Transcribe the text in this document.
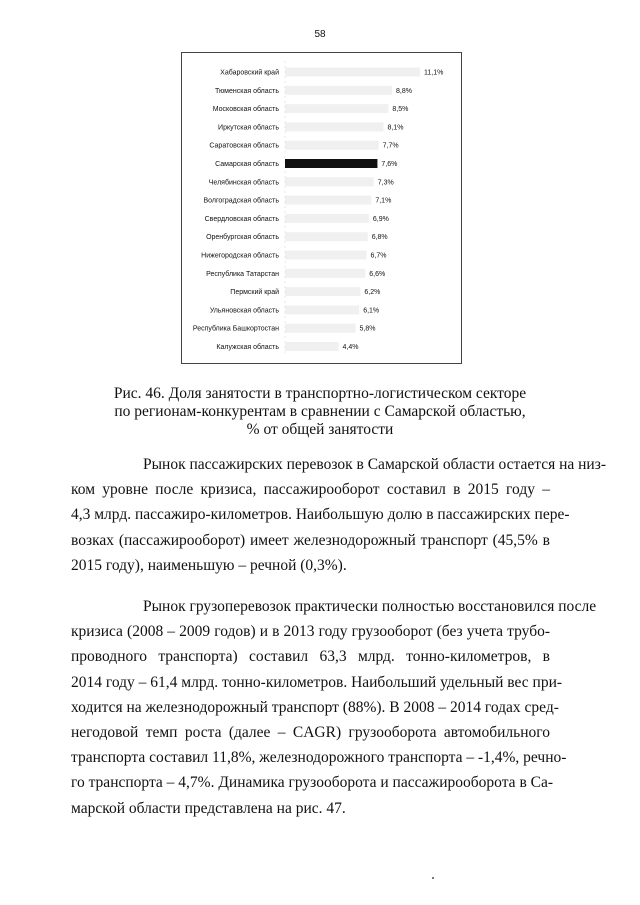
58
Хабаровский край	11,1%
Тюменская область	8,8%
Московская область	8,5%
Иркутская область	8,1%
Саратовская область	7,7%
Самарская область	7,6%
Челябинская область	7,3%
Волгоградская область	7,1%
Свердловская область	6,9%
Оренбургская область	6,8%
Нижегородская область	6,7%
Республика Татарстан	6,6%
Пермский край	6,2%
Ульяновская область	6,1%
Республика Башкортостан	5,8%
Калужская область	4,4%
Рис. 46. Доля занятости в транспортно-логистическом секторе
по регионам-конкурентам в сравнении с Самарской областью,
% от общей занятости
Рынок пассажирских перевозок в Самарской области остается на низ-
ком уровне после кризиса, пассажирооборот составил в 2015 году –
4,3 млрд. пассажиро-километров. Наибольшую долю в пассажирских пере-
возках (пассажирооборот) имеет железнодорожный транспорт (45,5% в
2015 году), наименьшую – речной (0,3%).
Рынок грузоперевозок практически полностью восстановился после
кризиса (2008 – 2009 годов) и в 2013 году грузооборот (без учета трубо-
проводного транспорта) составил 63,3 млрд. тонно-километров, в
2014 году – 61,4 млрд. тонно-километров. Наибольший удельный вес при-
ходится на железнодорожный транспорт (88%). В 2008 – 2014 годах сред-
негодовой темп роста (далее – CAGR) грузооборота автомобильного
транспорта составил 11,8%, железнодорожного транспорта – -1,4%, речно-
го транспорта – 4,7%. Динамика грузооборота и пассажирооборота в Са-
марской области представлена на рис. 47.
